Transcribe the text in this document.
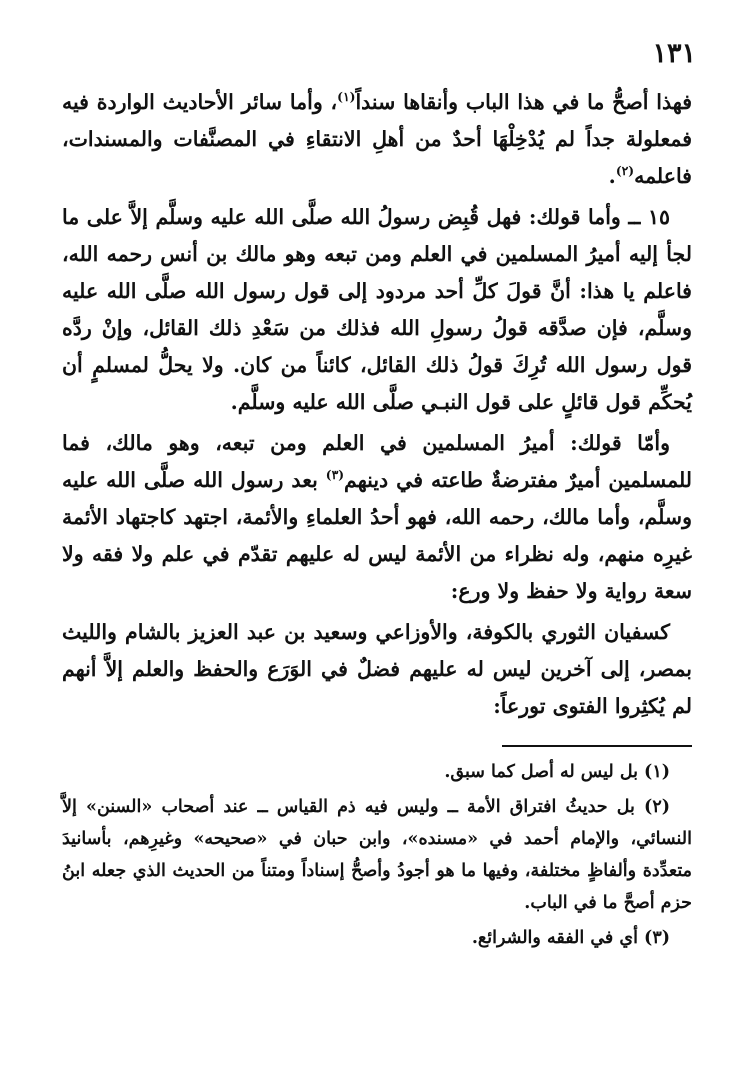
١٣١

فهذا أصحُّ ما في هذا الباب وأنقاها سنداً$^{(١)}$، وأما سائر الأحاديث الواردة فيه فمعلولة جداً لم يُدْخِلْهَا أحدٌ من أهلِ الانتقاءِ في المصنَّفات والمسندات، فاعلمه$^{(٢)}$.

١٥ ــ وأما قولك: فهل قُبِض رسولُ الله صلَّى الله عليه وسلَّم إلاَّ على ما لجأ إليه أميرُ المسلمين في العلم ومن تبعه وهو مالك بن أنس رحمه الله، فاعلم يا هذا: أنَّ قولَ كلِّ أحد مردود إلى قول رسول الله صلَّى الله عليه وسلَّم، فإن صدَّقه قولُ رسولِ الله فذلك من سَعْدِ ذلك القائل، وإنْ ردَّه قول رسول الله تُرِكَ قولُ ذلك القائل، كائناً من كان. ولا يحلُّ لمسلمٍ أن يُحكِّم قول قائلٍ على قول النبـي صلَّى الله عليه وسلَّم.

وأمّا قولك: أميرُ المسلمين في العلم ومن تبعه، وهو مالك، فما للمسلمين أميرٌ مفترضةٌ طاعته في دينهم$^{(٣)}$ بعد رسول الله صلَّى الله عليه وسلَّم، وأما مالك، رحمه الله، فهو أحدُ العلماءِ والأئمة، اجتهد كاجتهاد الأئمة غيرِه منهم، وله نظراء من الأئمة ليس له عليهم تقدّم في علم ولا فقه ولا سعة رواية ولا حفظ ولا ورع:

كسفيان الثوري بالكوفة، والأوزاعي وسعيد بن عبد العزيز بالشام والليث بمصر، إلى آخرين ليس له عليهم فضلٌ في الوَرَع والحفظ والعلم إلاَّ أنهم لم يُكثِروا الفتوى تورعاً:

(١) بل ليس له أصل كما سبق.

(٢) بل حديثُ افتراق الأمة ــ وليس فيه ذم القياس ــ عند أصحاب «السنن» إلاَّ النسائي، والإمام أحمد في «مسنده»، وابن حبان في «صحيحه» وغيرِهم، بأسانيدَ متعدِّدة وألفاظٍ مختلفة، وفيها ما هو أجودُ وأصحُّ إسناداً ومتناً من الحديث الذي جعله ابنُ حزم أصحَّ ما في الباب.

(٣) أي في الفقه والشرائع.
